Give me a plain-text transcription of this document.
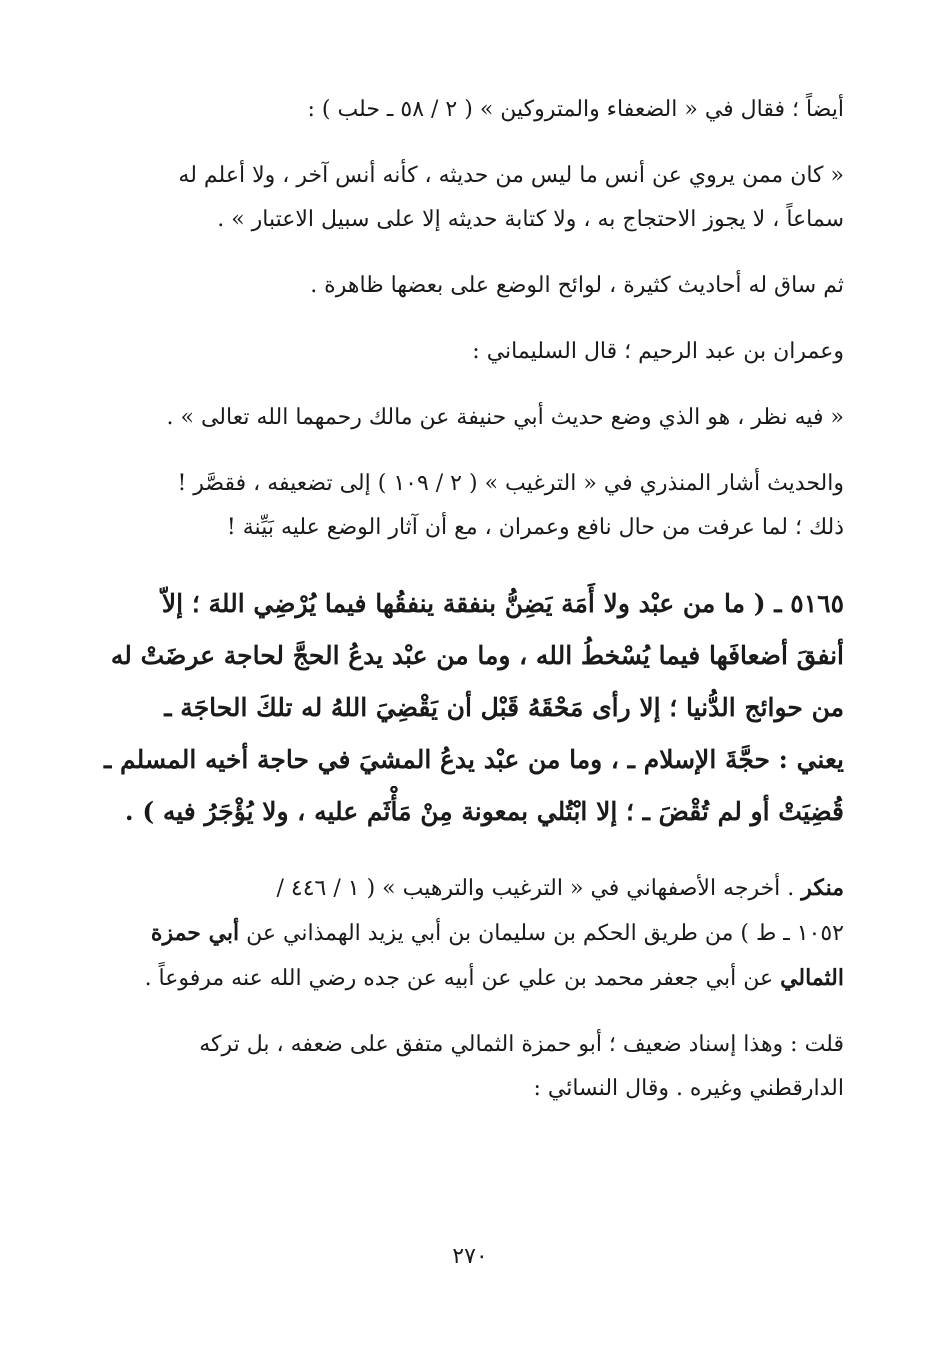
أيضاً ؛ فقال في « الضعفاء والمتروكين » ( ٢ / ٥٨ ـ حلب ) :

« كان ممن يروي عن أنس ما ليس من حديثه ، كأنه أنس آخر ، ولا أعلم له
سماعاً ، لا يجوز الاحتجاج به ، ولا كتابة حديثه إلا على سبيل الاعتبار » .

ثم ساق له أحاديث كثيرة ، لوائح الوضع على بعضها ظاهرة .

وعمران بن عبد الرحيم ؛ قال السليماني :

« فيه نظر ، هو الذي وضع حديث أبي حنيفة عن مالك رحمهما الله تعالى » .

والحديث أشار المنذري في « الترغيب » ( ٢ / ١٠٩ ) إلى تضعيفه ، فقصَّر !
ذلك ؛ لما عرفت من حال نافع وعمران ، مع أن آثار الوضع عليه بَيِّنة !

٥١٦٥ ـ ( ما من عبْد ولا أَمَة يَضِنُّ بنفقة ينفقُها فيما يُرْضِي اللهَ ؛ إلاّ
أنفقَ أضعافَها فيما يُسْخطُ الله ، وما من عبْد يدعُ الحجَّ لحاجة عرضَتْ له
من حوائج الدُّنيا ؛ إلا رأى مَحْقَهُ قَبْل أن يَقْضِيَ اللهُ له تلكَ الحاجَة ـ
يعني : حجَّةَ الإسلام ـ ، وما من عبْد يدعُ المشيَ في حاجة أخيه المسلم ـ
قُضِيَتْ أو لم تُقْضَ ـ ؛ إلا ابْتُلي بمعونة مِنْ مَأْثَم عليه ، ولا يُؤْجَرُ فيه ) .

منكر . أخرجه الأصفهاني في « الترغيب والترهيب » ( ١ / ٤٤٦ /
١٠٥٢ ـ ط ) من طريق الحكم بن سليمان بن أبي يزيد الهمذاني عن أبي حمزة
الثمالي عن أبي جعفر محمد بن علي عن أبيه عن جده رضي الله عنه مرفوعاً .

قلت : وهذا إسناد ضعيف ؛ أبو حمزة الثمالي متفق على ضعفه ، بل تركه
الدارقطني وغيره . وقال النسائي :

٢٧٠
